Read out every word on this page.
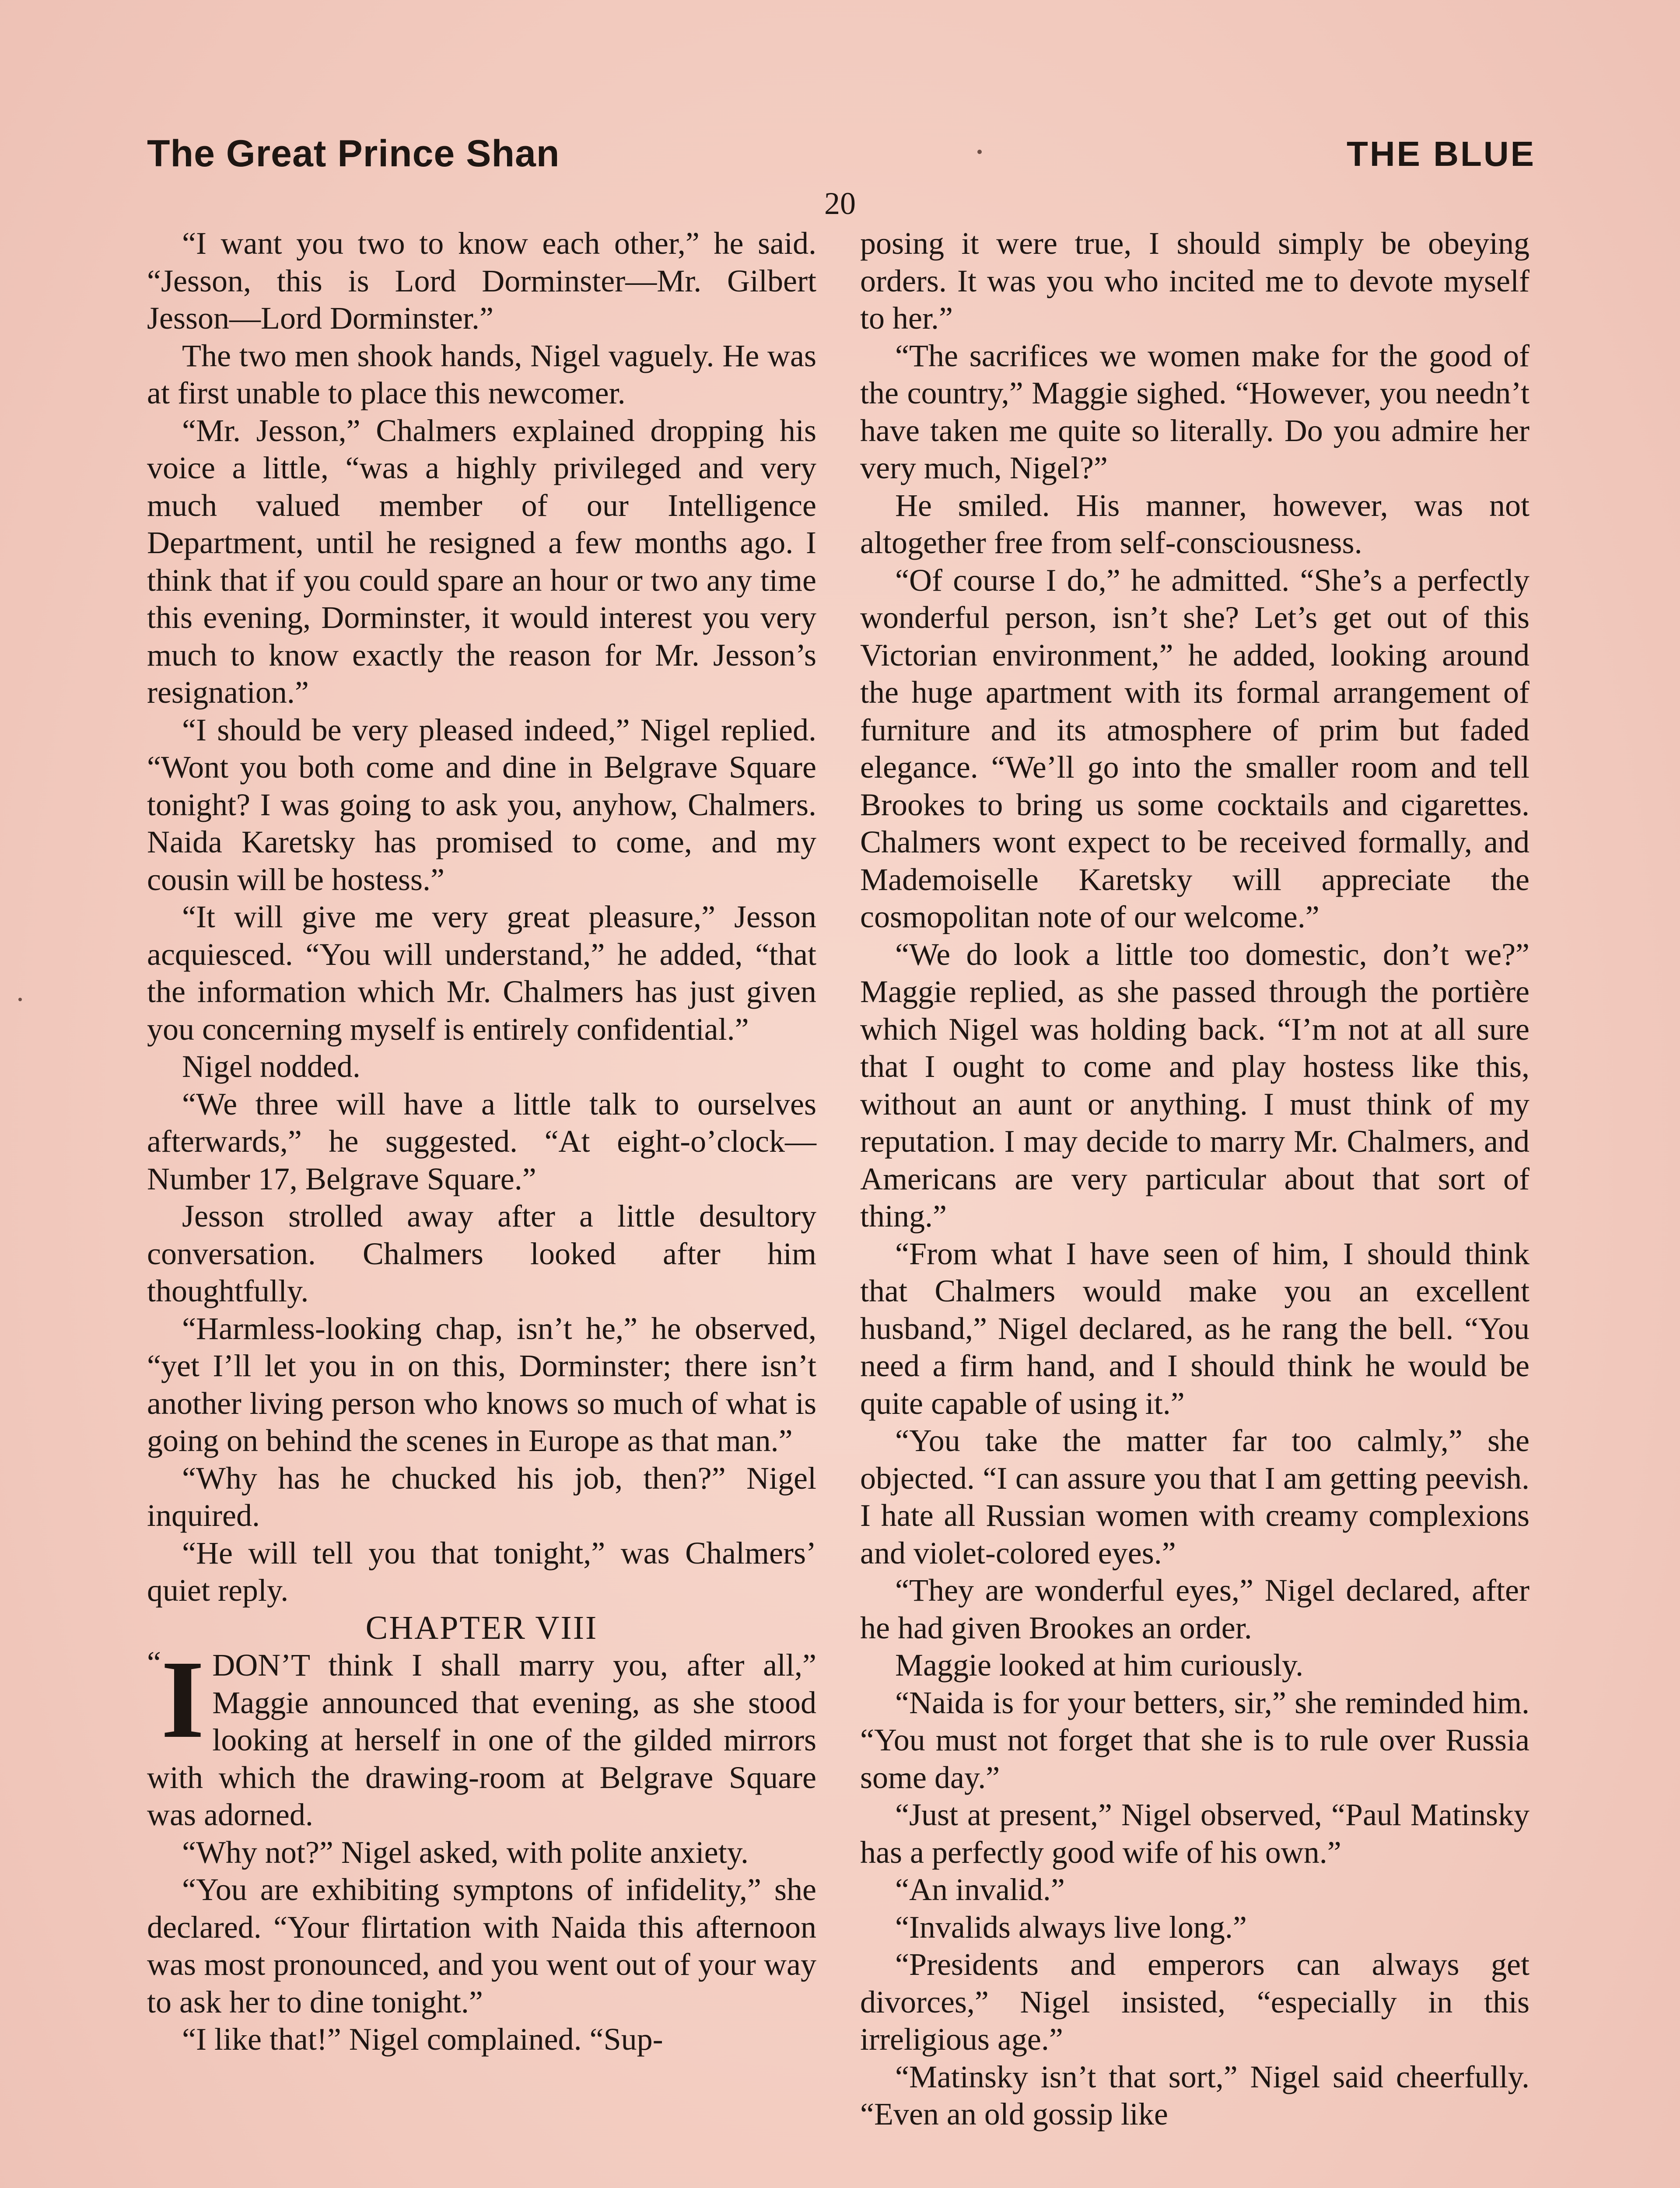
The Great Prince Shan	THE BLUE
20

“I want you two to know each other,” he said. “Jesson, this is Lord Dorminster—Mr. Gilbert Jesson—Lord Dorminster.”

The two men shook hands, Nigel vaguely. He was at first unable to place this newcomer.

“Mr. Jesson,” Chalmers explained dropping his voice a little, “was a highly privileged and very much valued member of our Intelligence Department, until he resigned a few months ago. I think that if you could spare an hour or two any time this evening, Dorminster, it would interest you very much to know exactly the reason for Mr. Jesson’s resignation.”

“I should be very pleased indeed,” Nigel replied. “Wont you both come and dine in Belgrave Square tonight? I was going to ask you, anyhow, Chalmers. Naida Karetsky has promised to come, and my cousin will be hostess.”

“It will give me very great pleasure,” Jesson acquiesced. “You will understand,” he added, “that the information which Mr. Chalmers has just given you concerning myself is entirely confidential.”

Nigel nodded.

“We three will have a little talk to ourselves afterwards,” he suggested. “At eight-o’clock—Number 17, Belgrave Square.”

Jesson strolled away after a little desultory conversation. Chalmers looked after him thoughtfully.

“Harmless-looking chap, isn’t he,” he observed, “yet I’ll let you in on this, Dorminster; there isn’t another living person who knows so much of what is going on behind the scenes in Europe as that man.”

“Why has he chucked his job, then?” Nigel inquired.

“He will tell you that tonight,” was Chalmers’ quiet reply.

CHAPTER VIII

“I DON’T think I shall marry you, after all,” Maggie announced that evening, as she stood looking at herself in one of the gilded mirrors with which the drawing-room at Belgrave Square was adorned.

“Why not?” Nigel asked, with polite anxiety.

“You are exhibiting symptons of infidelity,” she declared. “Your flirtation with Naida this afternoon was most pronounced, and you went out of your way to ask her to dine tonight.”

“I like that!” Nigel complained. “Sup-

posing it were true, I should simply be obeying orders. It was you who incited me to devote myself to her.”

“The sacrifices we women make for the good of the country,” Maggie sighed. “However, you needn’t have taken me quite so literally. Do you admire her very much, Nigel?”

He smiled. His manner, however, was not altogether free from self-consciousness.

“Of course I do,” he admitted. “She’s a perfectly wonderful person, isn’t she? Let’s get out of this Victorian environment,” he added, looking around the huge apartment with its formal arrangement of furniture and its atmosphere of prim but faded elegance. “We’ll go into the smaller room and tell Brookes to bring us some cocktails and cigarettes. Chalmers wont expect to be received formally, and Mademoiselle Karetsky will appreciate the cosmopolitan note of our welcome.”

“We do look a little too domestic, don’t we?” Maggie replied, as she passed through the portière which Nigel was holding back. “I’m not at all sure that I ought to come and play hostess like this, without an aunt or anything. I must think of my reputation. I may decide to marry Mr. Chalmers, and Americans are very particular about that sort of thing.”

“From what I have seen of him, I should think that Chalmers would make you an excellent husband,” Nigel declared, as he rang the bell. “You need a firm hand, and I should think he would be quite capable of using it.”

“You take the matter far too calmly,” she objected. “I can assure you that I am getting peevish. I hate all Russian women with creamy complexions and violet-colored eyes.”

“They are wonderful eyes,” Nigel declared, after he had given Brookes an order.

Maggie looked at him curiously.

“Naida is for your betters, sir,” she reminded him. “You must not forget that she is to rule over Russia some day.”

“Just at present,” Nigel observed, “Paul Matinsky has a perfectly good wife of his own.”

“An invalid.”

“Invalids always live long.”

“Presidents and emperors can always get divorces,” Nigel insisted, “especially in this irreligious age.”

“Matinsky isn’t that sort,” Nigel said cheerfully. “Even an old gossip like
